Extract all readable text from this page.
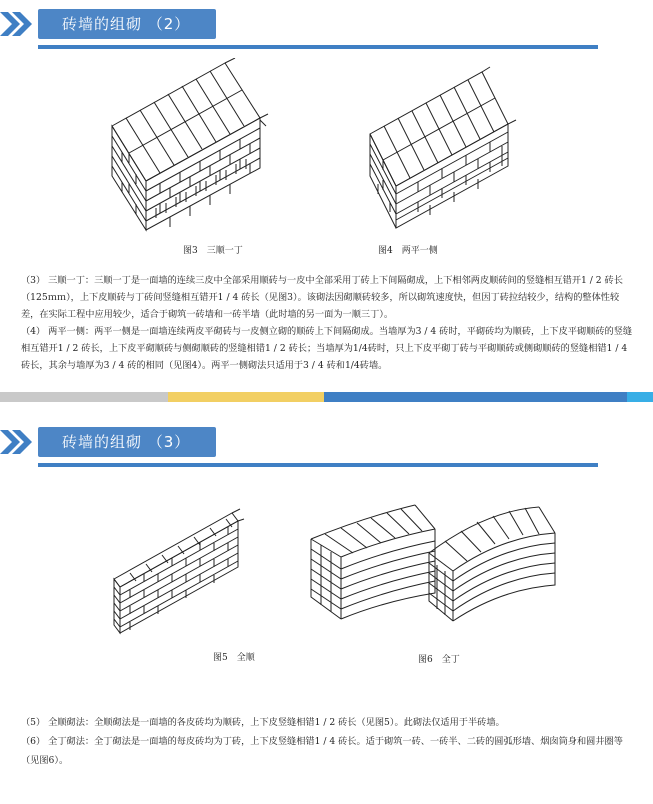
砖墙的组砌 （2）
图3　三顺一丁	图4　两平一侧

（3） 三顺一丁：三顺一丁是一面墙的连续三皮中全部采用顺砖与一皮中全部采用丁砖上下间隔砌成，上下相邻两皮顺砖间的竖缝相互错开1 / 2 砖长（125ｍｍ），上下皮顺砖与丁砖间竖缝相互错开1 / 4 砖长（见图3）。该砌法因砌顺砖较多，所以砌筑速度快，但因丁砖拉结较少，结构的整体性较差，在实际工程中应用较少，适合于砌筑一砖墙和一砖半墙（此时墙的另一面为一顺三丁）。

（4） 两平一侧：两平一侧是一面墙连续两皮平砌砖与一皮侧立砌的顺砖上下间隔砌成。当墙厚为3 / 4 砖时，平砌砖均为顺砖，上下皮平砌顺砖的竖缝相互错开1 / 2 砖长，上下皮平砌顺砖与侧砌顺砖的竖缝相错1 / 2 砖长；当墙厚为1/4砖时，只上下皮平砌丁砖与平砌顺砖或侧砌顺砖的竖缝相错1 / 4 砖长，其余与墙厚为3 / 4 砖的相同（见图4）。两平一侧砌法只适用于3 / 4 砖和1/4砖墙。

砖墙的组砌 （3）
图5　全顺	图6　全丁

（5） 全顺砌法：全顺砌法是一面墙的各皮砖均为顺砖，上下皮竖缝相错1 / 2 砖长（见图5）。此砌法仅适用于半砖墙。

（6） 全丁砌法：全丁砌法是一面墙的每皮砖均为丁砖，上下皮竖缝相错1 / 4 砖长。适于砌筑一砖、一砖半、二砖的圆弧形墙、烟囱筒身和圆井圈等（见图6）。
